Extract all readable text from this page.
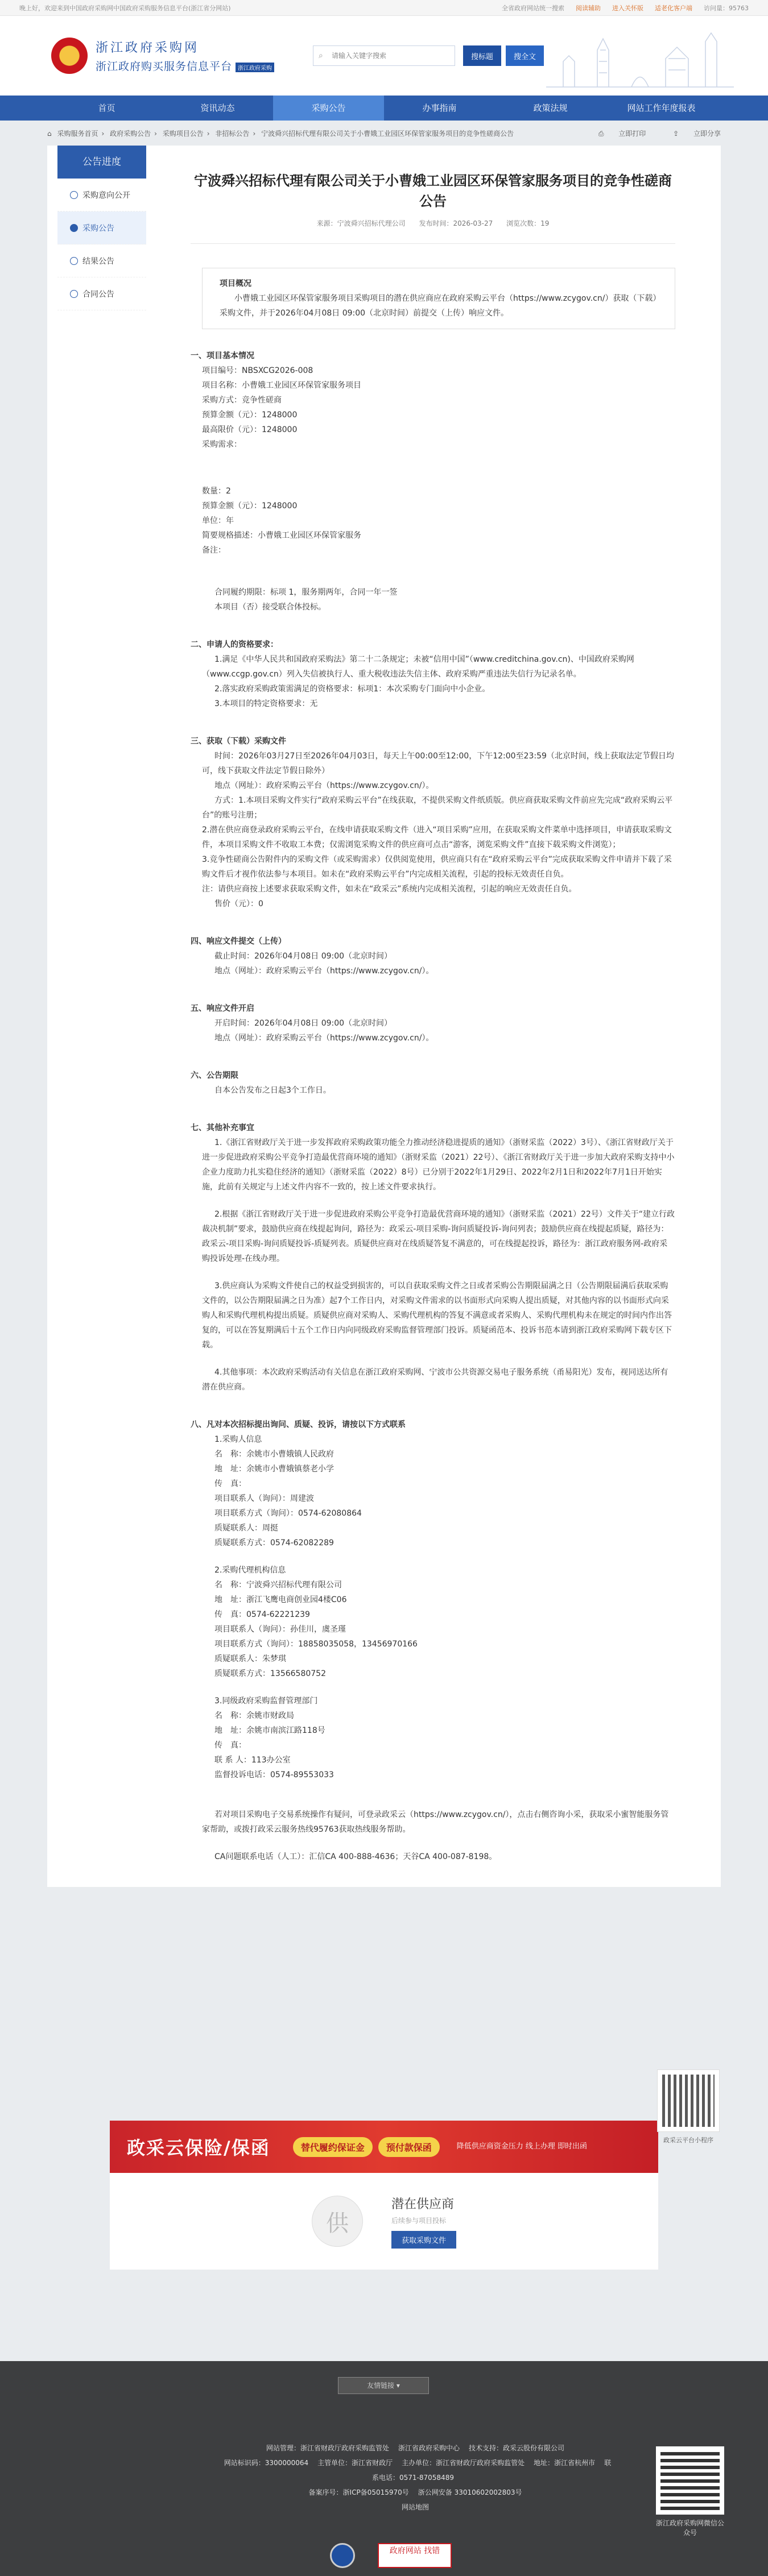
晚上好，欢迎来到中国政府采购网中国政府采购服务信息平台(浙江省分网站)	全省政府网站统一搜索 阅读辅助 进入关怀版 适老化客户端 访问量：95763
浙江政府采购网
浙江政府购买服务信息平台 浙江政府采购
⌕
请输入关键字搜索	搜标题	搜全文
首页	资讯动态	采购公告	办事指南	政策法规	网站工作年度报表
⌂ 采购服务首页 › 政府采购公告 › 采购项目公告 › 非招标公告 › 宁波舜兴招标代理有限公司关于小曹娥工业园区环保管家服务项目的竞争性磋商公告	⎙ 立即打印	⇪ 立即分享
公告进度
采购意向公开
采购公告
结果公告
合同公告
宁波舜兴招标代理有限公司关于小曹娥工业园区环保管家服务项目的竞争性磋商公告
来源：宁波舜兴招标代理公司 发布时间：2026-03-27 浏览次数：19
项目概况
小曹娥工业园区环保管家服务项目采购项目的潜在供应商应在政府采购云平台（https://www.zcygov.cn/）获取（下载）采购文件，并于2026年04月08日 09:00（北京时间）前提交（上传）响应文件。
一、项目基本情况
项目编号：NBSXCG2026-008
项目名称：小曹娥工业园区环保管家服务项目
采购方式：竞争性磋商
预算金额（元）：1248000
最高限价（元）：1248000
采购需求：
数量：2
预算金额（元）：1248000
单位：年
简要规格描述：小曹娥工业园区环保管家服务
备注：
合同履约期限：标项 1，服务期两年，合同一年一签
本项目（否）接受联合体投标。
二、申请人的资格要求：
1.满足《中华人民共和国政府采购法》第二十二条规定；未被“信用中国”（www.creditchina.gov.cn)、中国政府采购网（www.ccgp.gov.cn）列入失信被执行人、重大税收违法失信主体、政府采购严重违法失信行为记录名单。
2.落实政府采购政策需满足的资格要求：标项1：本次采购专门面向中小企业。
3.本项目的特定资格要求：无
三、获取（下载）采购文件
时间：2026年03月27日至2026年04月03日，每天上午00:00至12:00，下午12:00至23:59（北京时间，线上获取法定节假日均可，线下获取文件法定节假日除外）
地点（网址）：政府采购云平台（https://www.zcygov.cn/）。
方式：1.本项目采购文件实行“政府采购云平台”在线获取，不提供采购文件纸质版。供应商获取采购文件前应先完成“政府采购云平台”的账号注册；
2.潜在供应商登录政府采购云平台，在线申请获取采购文件（进入“项目采购”应用，在获取采购文件菜单中选择项目，申请获取采购文件，本项目采购文件不收取工本费；仅需浏览采购文件的供应商可点击“游客，浏览采购文件”直接下载采购文件浏览）；
3.竞争性磋商公告附件内的采购文件（或采购需求）仅供阅览使用，供应商只有在“政府采购云平台”完成获取采购文件申请并下载了采购文件后才视作依法参与本项目。如未在“政府采购云平台”内完成相关流程，引起的投标无效责任自负。
注：请供应商按上述要求获取采购文件，如未在“政采云”系统内完成相关流程，引起的响应无效责任自负。
售价（元）：0
四、响应文件提交（上传）
截止时间：2026年04月08日 09:00（北京时间）
地点（网址）：政府采购云平台（https://www.zcygov.cn/）。
五、响应文件开启
开启时间：2026年04月08日 09:00（北京时间）
地点（网址）：政府采购云平台（https://www.zcygov.cn/）。
六、公告期限
自本公告发布之日起3个工作日。
七、其他补充事宜
1.《浙江省财政厅关于进一步发挥政府采购政策功能全力推动经济稳进提质的通知》（浙财采监（2022）3号）、《浙江省财政厅关于进一步促进政府采购公平竞争打造最优营商环境的通知》（浙财采监（2021）22号）、《浙江省财政厅关于进一步加大政府采购支持中小企业力度助力扎实稳住经济的通知》（浙财采监（2022）8号）已分别于2022年1月29日、2022年2月1日和2022年7月1日开始实施，此前有关规定与上述文件内容不一致的，按上述文件要求执行。
2.根据《浙江省财政厅关于进一步促进政府采购公平竞争打造最优营商环境的通知》（浙财采监（2021）22号）文件关于“建立行政裁决机制”要求，鼓励供应商在线提起询问，路径为：政采云-项目采购-询问质疑投诉-询问列表；鼓励供应商在线提起质疑，路径为：政采云-项目采购-询问质疑投诉-质疑列表。质疑供应商对在线质疑答复不满意的，可在线提起投诉，路径为：浙江政府服务网-政府采购投诉处理-在线办理。
3.供应商认为采购文件使自己的权益受到损害的，可以自获取采购文件之日或者采购公告期限届满之日（公告期限届满后获取采购文件的，以公告期限届满之日为准）起7个工作日内，对采购文件需求的以书面形式向采购人提出质疑，对其他内容的以书面形式向采购人和采购代理机构提出质疑。质疑供应商对采购人、采购代理机构的答复不满意或者采购人、采购代理机构未在规定的时间内作出答复的，可以在答复期满后十五个工作日内向同级政府采购监督管理部门投诉。质疑函范本、投诉书范本请到浙江政府采购网下载专区下载。
4.其他事项：本次政府采购活动有关信息在浙江政府采购网、宁波市公共资源交易电子服务系统（甬易阳光）发布，视同送达所有潜在供应商。
八、凡对本次招标提出询问、质疑、投诉，请按以下方式联系
1.采购人信息
名　称：余姚市小曹娥镇人民政府
地　址：余姚市小曹娥镇蔡老小学
传　真：
项目联系人（询问）：周建波
项目联系方式（询问）：0574-62080864
质疑联系人：周挺
质疑联系方式：0574-62082289
2.采购代理机构信息
名　称：宁波舜兴招标代理有限公司
地　址：浙江飞鹰电商创业园4楼C06
传　真：0574-62221239
项目联系人（询问）：孙佳川，虞圣瑾
项目联系方式（询问）：18858035058，13456970166
质疑联系人：朱梦琪
质疑联系方式：13566580752
3.同级政府采购监督管理部门
名　称：余姚市财政局
地　址：余姚市南滨江路118号
传　真：
联 系 人：113办公室
监督投诉电话：0574-89553033
若对项目采购电子交易系统操作有疑问，可登录政采云（https://www.zcygov.cn/），点击右侧咨询小采，获取采小蜜智能服务管家帮助，或拨打政采云服务热线95763获取热线服务帮助。
CA问题联系电话（人工）：汇信CA 400-888-4636；天谷CA 400-087-8198。
政采云保险/保函	替代履约保证金	预付款保函	降低供应商资金压力 线上办理 即时出函
供
潜在供应商
后续参与项目投标
获取采购文件
政采云平台小程序
友情链接 ▾
网站管理：浙江省财政厅政府采购监管处 浙江省政府采购中心 技术支持：政采云股份有限公司
网站标识码：3300000064 主管单位：浙江省财政厅 主办单位：浙江省财政厅政府采购监管处 地址：浙江省杭州市 联系电话：0571-87058489
备案序号：浙ICP备05015970号 浙公网安备 33010602002803号
网站地图
浙江政府采购网微信公众号
政府网站 找错
